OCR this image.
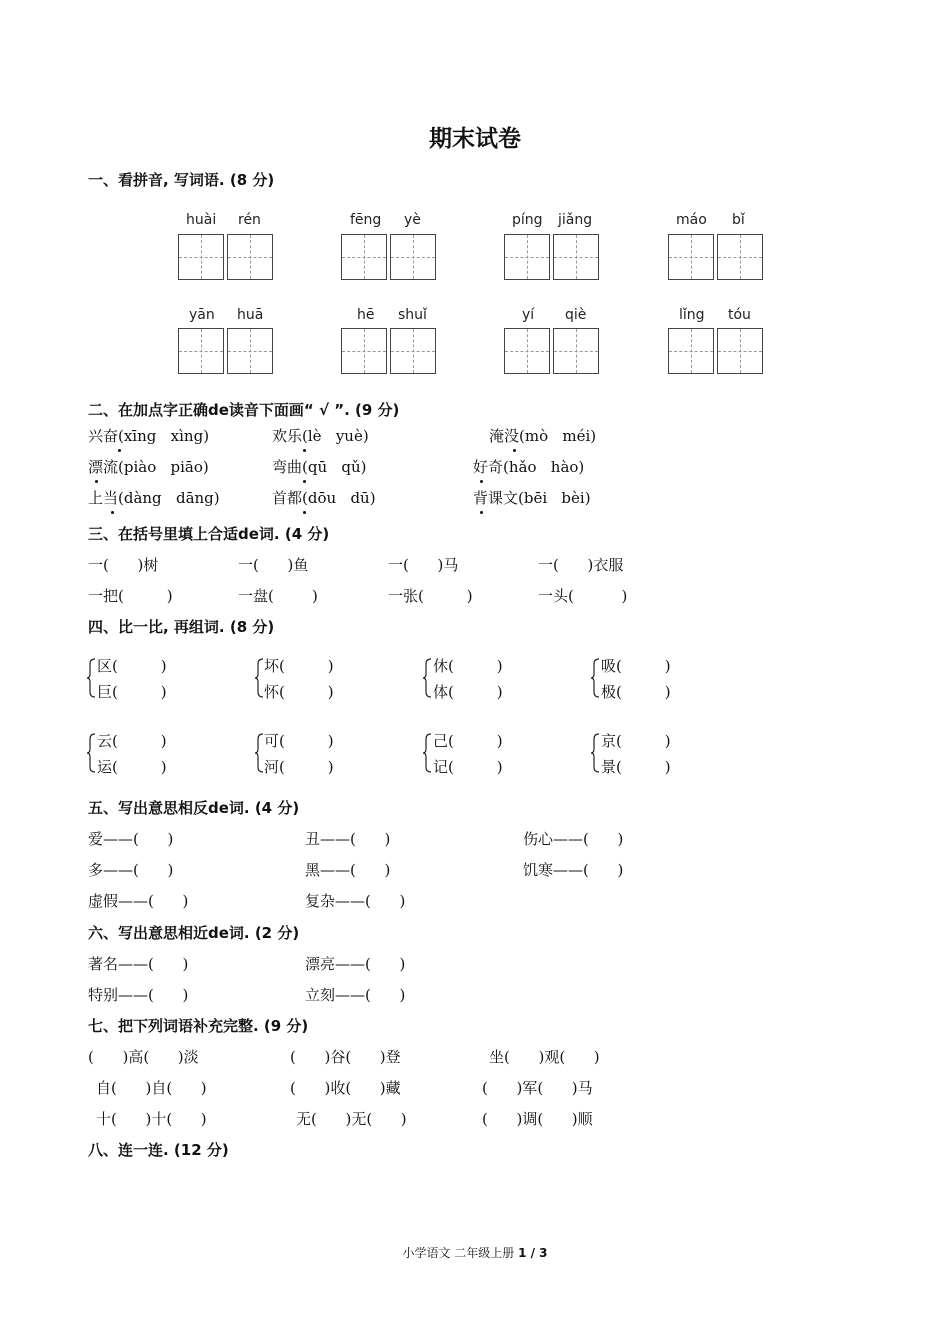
期末试卷
一、看拼音, 写词语. (8 分)
huài rén	fēng yè	píng jiǎng	máo bǐ
yān huā	hē shuǐ	yí qiè	lǐng tóu
二、在加点字正确de读音下面画“ √ ”. (9 分)
兴奋(xīng   xìng)	欢乐(lè   yuè)	淹没(mò   méi)
漂流(piào   piāo)	弯曲(qū   qǔ)	好奇(hǎo   hào)
上当(dàng   dāng)	首都(dōu   dū)	背课文(bēi   bèi)
三、在括号里填上合适de词. (4 分)
一(      )树	一(      )鱼	一(      )马	一(      )衣服
一把(         )	一盘(        )	一张(         )	一头(          )
四、比一比, 再组词. (8 分)
区(         )
巨(         )
坏(         )
怀(         )
休(         )
体(         )
吸(         )
极(         )
云(         )
运(         )
可(         )
河(         )
己(         )
记(         )
京(         )
景(         )
五、写出意思相反de词. (4 分)
爱——(      )	丑——(      )	伤心——(      )
多——(      )	黑——(      )	饥寒——(      )
虚假——(      )	复杂——(      )
六、写出意思相近de词. (2 分)
著名——(      )	漂亮——(      )
特别——(      )	立刻——(      )
七、把下列词语补充完整. (9 分)
(      )高(      )淡	(      )谷(      )登	坐(      )观(      )
自(      )自(      )	(      )收(      )藏	(      )军(      )马
十(      )十(      )	无(      )无(      )	(      )调(      )顺
八、连一连. (12 分)
小学语文 二年级上册 1 / 3
